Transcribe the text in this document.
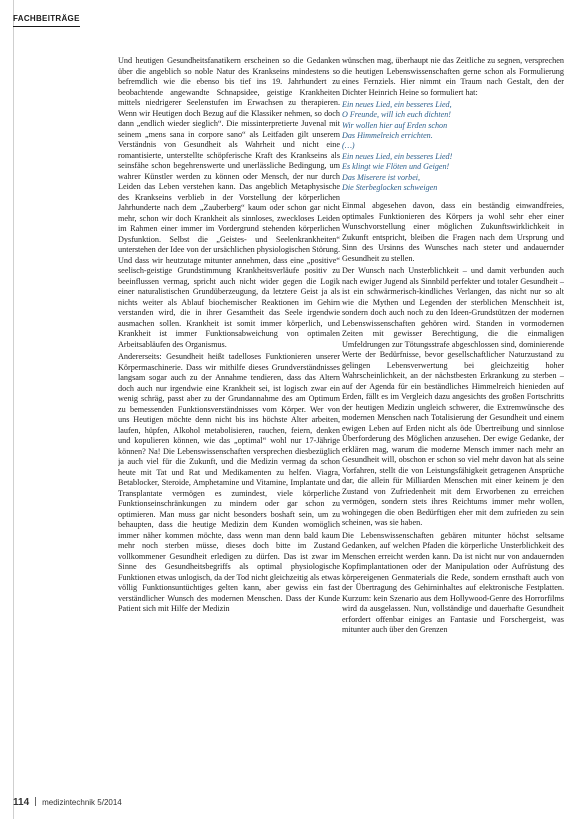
FACHBEITRÄGE

Und heutigen Gesundheitsfanatikern erscheinen so die Gedanken über die angeblich so noble Natur des Krankseins mindestens so befremdlich wie die ebenso bis tief ins 19. Jahrhundert zu beobachtende angewandte Schnapsidee, geistige Krankheiten mittels niedrigerer Seelenstufen im Erwachsen zu therapieren. Wenn wir Heutigen doch Bezug auf die Klassiker nehmen, so doch dann „endlich wieder sieglich“. Die missinterpretierte Juvenal mit seinem „mens sana in corpore sano“ als Leitfaden gilt unserem Verständnis von Gesundheit als Wahrheit und nicht eine romantisierte, unterstellte schöpferische Kraft des Krankseins als seinsfähe schon begehrenswerte und unerlässliche Bedingung, um wahrer Künstler werden zu können oder Mensch, der nur durch Leiden das Leben verstehen kann. Das angeblich Metaphysische des Krankseins verblieb in der Vorstellung der körperlichen Jahrhunderte nach dem „Zauberberg“ kaum oder schon gar nicht mehr, schon wir doch Krankheit als sinnloses, zweckloses Leiden im Rahmen einer immer im Vordergrund stehenden körperlichen Dysfunktion. Selbst die „Geistes- und Seelenkrankheiten“ unterstehen der Idee von der ursächlichen physiologischen Störung. Und dass wir heutzutage mitunter annehmen, dass eine „positive“ seelisch-geistige Grundstimmung Krankheitsverläufe positiv zu beeinflussen vermag, spricht auch nicht wider gegen die Logik einer naturalistischen Grundüberzeugung, da letztere Geist ja als nichts weiter als Ablauf biochemischer Reaktionen im Gehirn verstanden wird, die in ihrer Gesamtheit das Seele irgendwie ausmachen sollen. Krankheit ist somit immer körperlich, und Krankheit ist immer Funktionsabweichung von optimalen Arbeitsabläufen des Organismus.

Andererseits: Gesundheit heißt tadelloses Funktionieren unserer Körpermaschinerie. Dass wir mithilfe dieses Grundverständnisses langsam sogar auch zu der Annahme tendieren, dass das Altern doch auch nur irgendwie eine Krankheit sei, ist logisch zwar ein wenig schräg, passt aber zu der Grundannahme des am Optimum zu bemessenden Funktionsverständnisses vom Körper. Wer von uns Heutigen möchte denn nicht bis ins höchste Alter arbeiten, laufen, hüpfen, Alkohol metabolisieren, rauchen, feiern, denken und kopulieren können, wie das „optimal“ wohl nur 17-Jährige können? Na! Die Lebenswissenschaften versprechen diesbezüglich ja auch viel für die Zukunft, und die Medizin vermag da schon heute mit Tat und Rat und Medikamenten zu helfen. Viagra, Betablocker, Steroide, Amphetamine und Vitamine, Implantate und Transplantate vermögen es zumindest, viele körperliche Funktionseinschränkungen zu mindern oder gar schon zu optimieren. Man muss gar nicht besonders boshaft sein, um zu behaupten, dass die heutige Medizin dem Kunden womöglich immer näher kommen möchte, dass wenn man denn bald kaum mehr noch sterben müsse, dieses doch bitte im Zustand vollkommener Gesundheit erledigen zu dürfen. Das ist zwar im Sinne des Gesundheitsbegriffs als optimal physiologische Funktionen etwas unlogisch, da der Tod nicht gleichzeitig als etwas völlig Funktionsuntüchtiges gelten kann, aber gewiss ein fast verständlicher Wunsch des modernen Menschen. Dass der Kunde Patient sich mit Hilfe der Medizin

wünschen mag, überhaupt nie das Zeitliche zu segnen, versprechen die heutigen Lebenswissenschaften gerne schon als Formulierung eines Fernziels. Hier nimmt ein Traum nach Gestalt, den der Dichter Heinrich Heine so formuliert hat:

Ein neues Lied, ein besseres Lied,
O Freunde, will ich euch dichten!
Wir wollen hier auf Erden schon
Das Himmelreich errichten.
(…)
Ein neues Lied, ein besseres Lied!
Es klingt wie Flöten und Geigen!
Das Miserere ist vorbei,
Die Sterbeglocken schweigen

Einmal abgesehen davon, dass ein beständig einwandfreies, optimales Funktionieren des Körpers ja wohl sehr eher einer Wunschvorstellung einer möglichen Zukunftswirklichkeit in Zukunft entspricht, bleiben die Fragen nach dem Ursprung und Sinn des Ursinns des Wunsches nach steter und andauernder Gesundheit zu stellen.

Der Wunsch nach Unsterblichkeit – und damit verbunden auch nach ewiger Jugend als Sinnbild perfekter und totaler Gesundheit – ist ein schwärmerisch-kindliches Verlangen, das nicht nur so alt wie die Mythen und Legenden der sterblichen Menschheit ist, sondern doch auch noch zu den Ideen-Grundstützen der modernen Lebenswissenschaften gehören wird. Standen in vormodernen Zeiten mit gewisser Berechtigung, die die einmaligen Umfeldrungen zur Tötungsstrafe abgeschlossen sind, dominierende Werte der Bedürfnisse, bevor gesellschaftlicher Naturzustand zu gelingen Lebensverwertung bei gleichzeitig hoher Wahrscheinlichkeit, an der nächstbesten Erkrankung zu sterben – auf der Agenda für ein beständliches Himmelreich hienieden auf Erden, fällt es im Vergleich dazu angesichts des großen Fortschritts der heutigen Medizin ungleich schwerer, die Extremwünsche des modernen Menschen nach Totalisierung der Gesundheit und einem ewigen Leben auf Erden nicht als öde Übertreibung und sinnlose Überforderung des Möglichen anzusehen. Der ewige Gedanke, der erklären mag, warum die moderne Mensch immer nach mehr an Gesundheit will, obschon er schon so viel mehr davon hat als seine Vorfahren, stellt die von Leistungsfähigkeit getragenen Ansprüche dar, die allein für Milliarden Menschen mit einer keinem je den Zustand von Zufriedenheit mit dem Erworbenen zu erreichen vermögen, sondern stets ihres Reichtums immer mehr wollen, wohingegen die oben Bedürftigen eher mit dem zufrieden zu sein scheinen, was sie haben.

Die Lebenswissenschaften gebären mitunter höchst seltsame Gedanken, auf welchen Pfaden die körperliche Unsterblichkeit des Menschen erreicht werden kann. Da ist nicht nur von andauernden Kopfimplantationen oder der Manipulation oder Aufrüstung des körpereigenen Genmaterials die Rede, sondern ernsthaft auch von der Übertragung des Gehirninhaltes auf elektronische Festplatten. Kurzum: kein Szenario aus dem Hollywood-Genre des Horrorfilms wird da ausgelassen. Nun, vollständige und dauerhafte Gesundheit erfordert offenbar einiges an Fantasie und Forschergeist, was mitunter auch über den Grenzen

114 medizintechnik 5/2014
